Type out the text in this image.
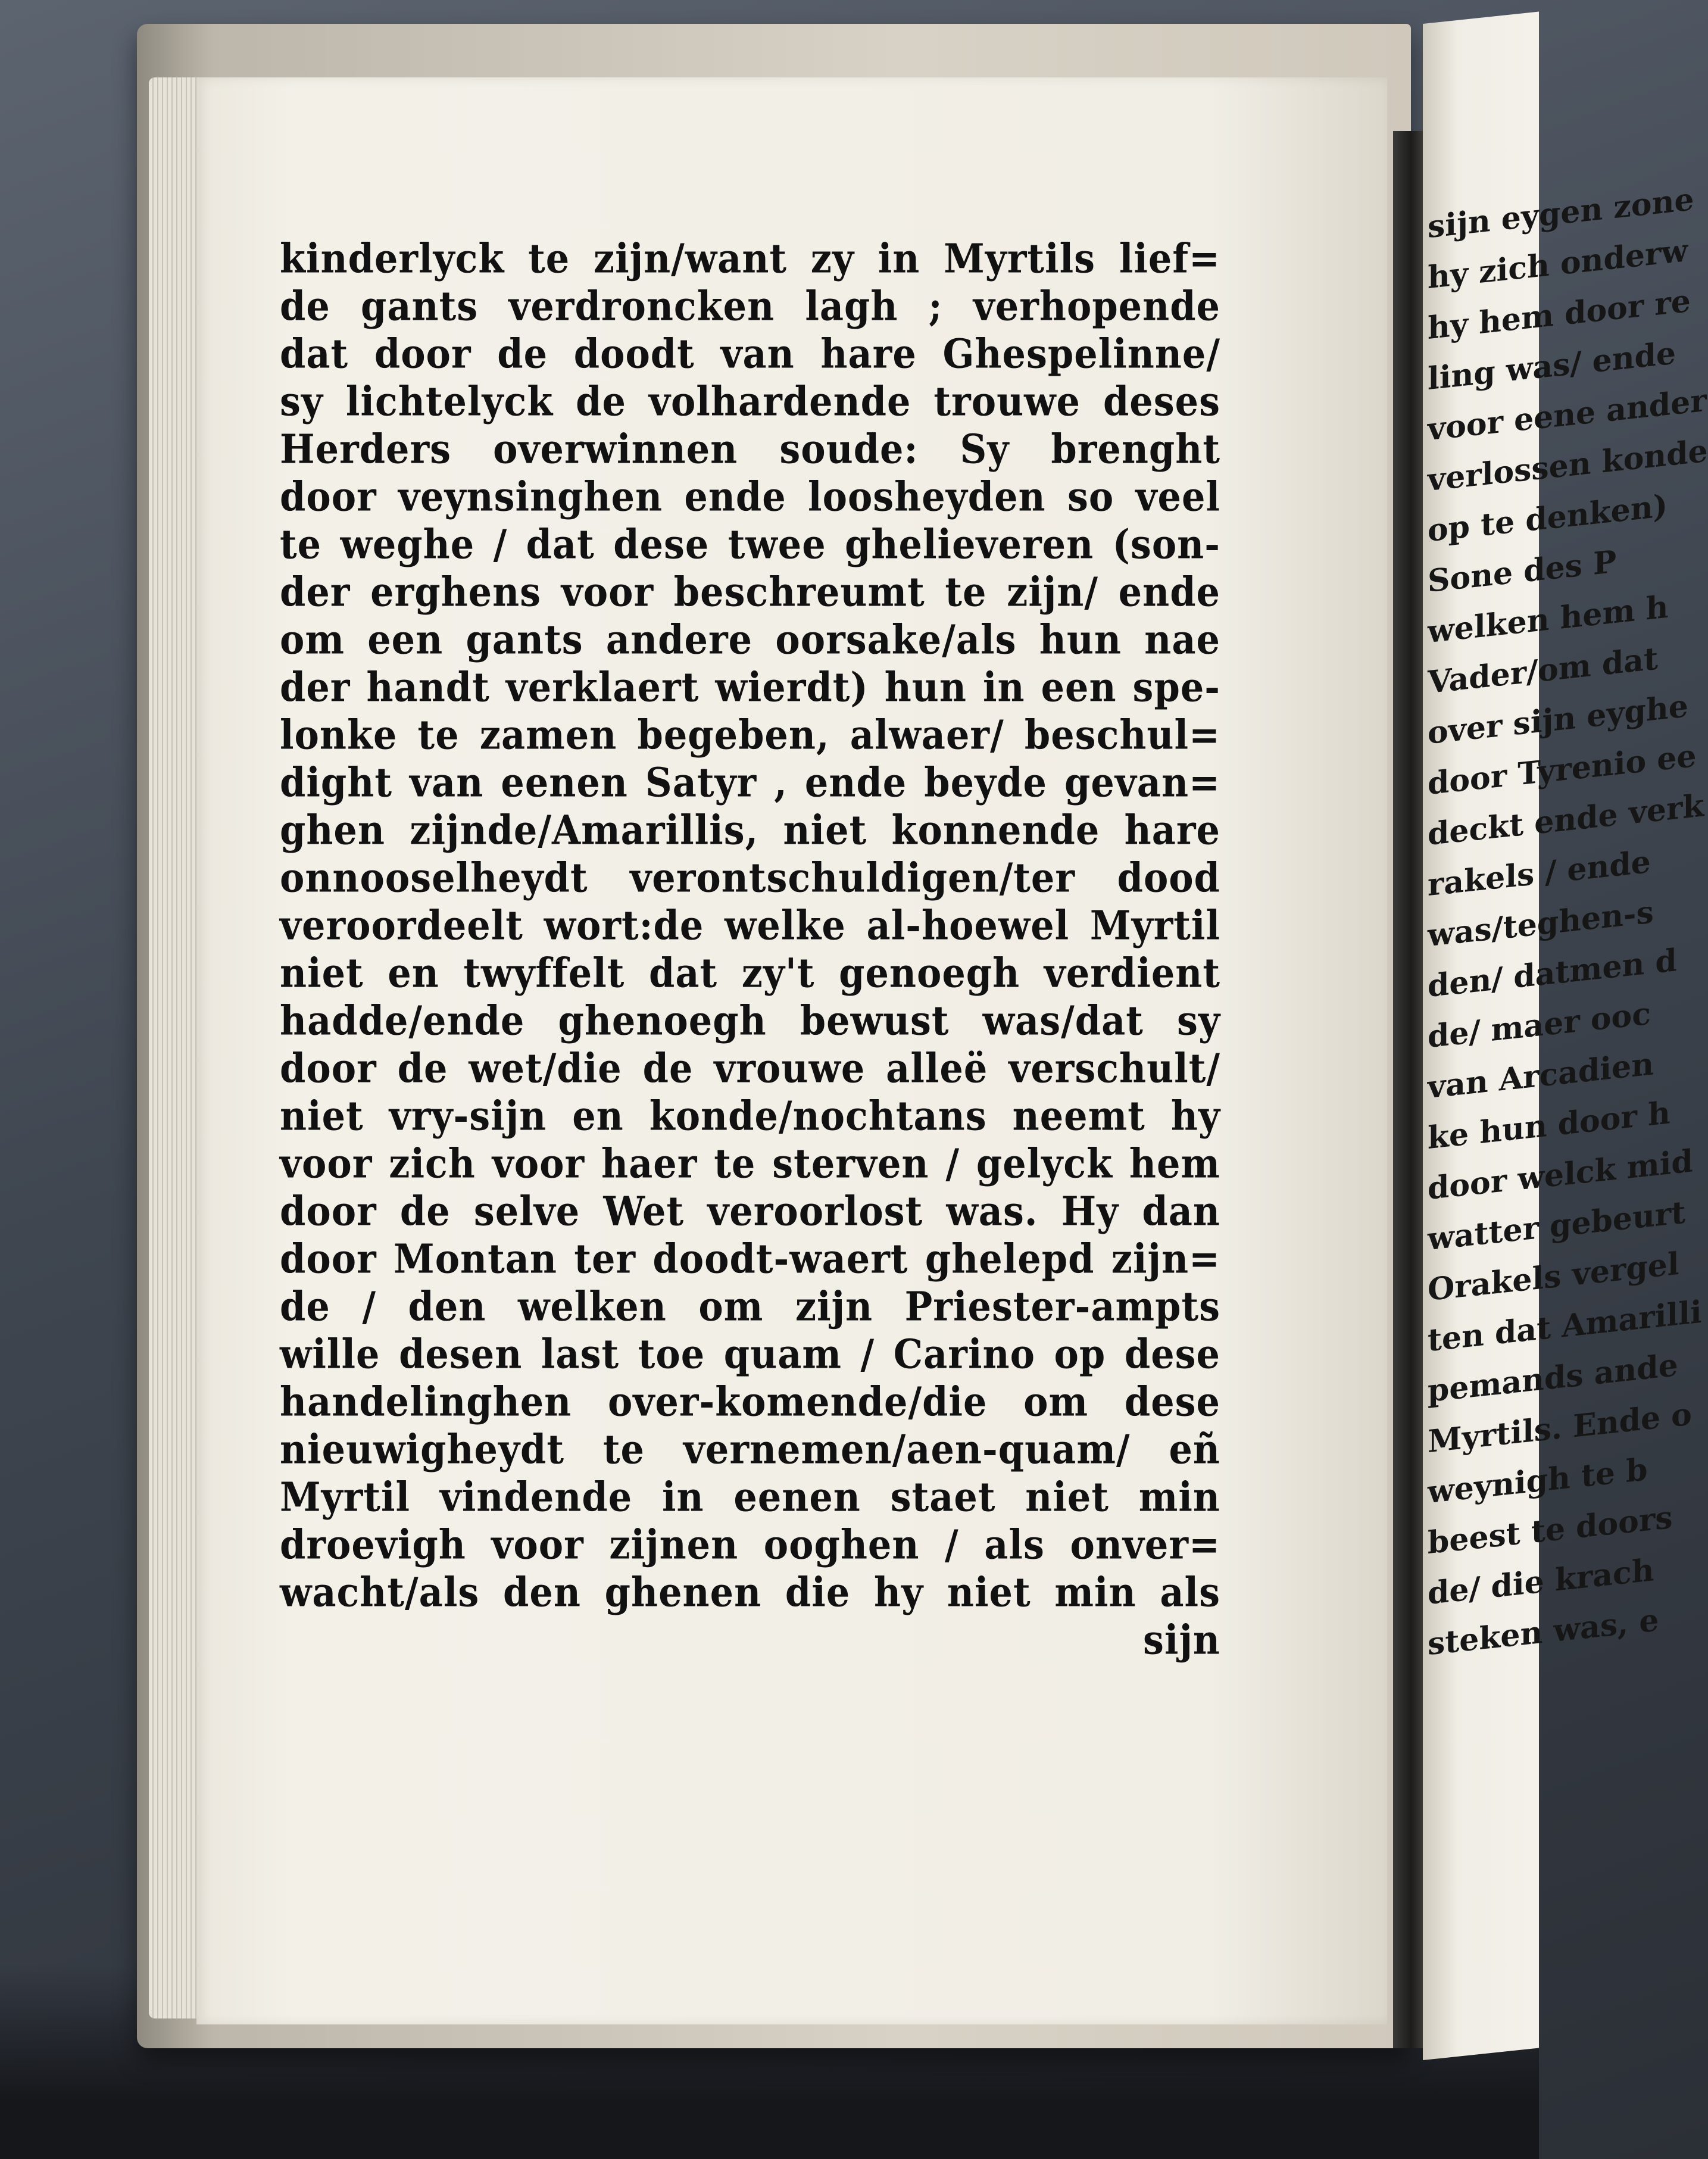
sijn eygen zone
hy zich onderw
hy hem door re
ling was/ ende
voor eene ander
verlossen konde
op te denken)
Sone des P
welken hem h
Vader/om dat
over sijn eyghe
door Tyrenio ee
deckt ende verk
rakels / ende
was/teghen-s
den/ datmen d
de/ maer ooc
van Arcadien
ke hun door h
door welck mid
watter gebeurt
Orakels vergel
ten dat Amarilli
pemands ande
Myrtils. Ende o
weynigh te b
beest te doors
de/ die krach
steken was, e
kinderlyck te zijn/want zy in Myrtils lief=
de gants verdroncken lagh ; verhopende
dat door de doodt van hare Ghespelinne/
sy lichtelyck de volhardende trouwe deses
Herders overwinnen soude: Sy brenght
door veynsinghen ende looshеyden so veel
te weghe / dat dese twee ghelieveren (son-
der erghens voor beschreumt te zijn/ ende
om een gants andere oorsake/als hun nae
der handt verklaert wierdt) hun in een spe-
lonke te zamen begeben, alwaer/ beschul=
dight van eenen Satyr , ende beyde gevan=
ghen zijnde/Amarillis, niet konnende hare
onnooselheydt verontschuldigen/ter dood
veroordeelt wort:de welke al-hoewel Myrtil
niet en twyffelt dat zy't genoegh verdient
hadde/ende ghenoegh bewust was/dat sy
door de wet/die de vrouwe alleë verschult/
niet vry-sijn en konde/nochtans neemt hy
voor zich voor haer te sterven / gelyck hem
door de selve Wet veroorlost was. Hy dan
door Montan ter doodt-waert ghelepd zijn=
de / den welken om zijn Priester-ampts
wille desen last toe quam / Carino op dese
handelinghen over-komende/die om dese
nieuwigheydt te vernemen/aen-quam/ eñ
Myrtil vindende in eenen staet niet min
droevigh voor zijnen ooghen / als onver=
wacht/als den ghenen die hy niet min als
sijn
